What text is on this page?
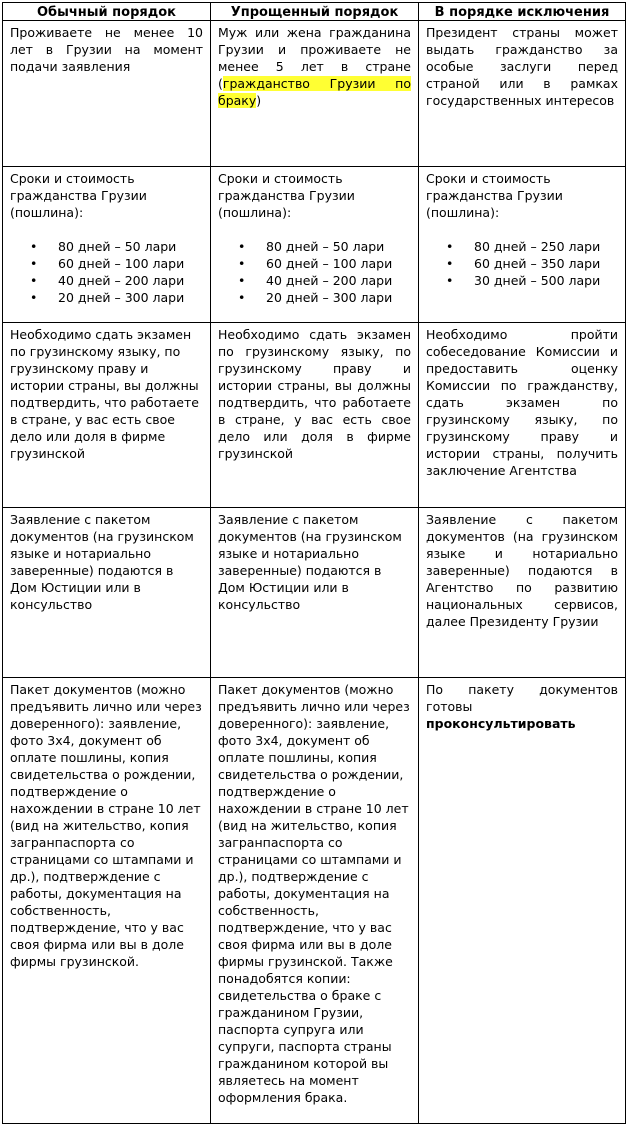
Обычный порядок	Упрощенный порядок	В порядке исключения
Проживаете не менее 10 лет в Грузии на момент подачи заявления
Муж или жена гражданина Грузии и проживаете не менее 5 лет в стране (гражданство Грузии по браку)
Президент страны может выдать гражданство за особые заслуги перед страной или в рамках государственных интересов
Сроки и стоимость гражданства Грузии (пошлина):
• 80 дней – 50 лари
• 60 дней – 100 лари
• 40 дней – 200 лари
• 20 дней – 300 лари
Сроки и стоимость гражданства Грузии (пошлина):
• 80 дней – 50 лари
• 60 дней – 100 лари
• 40 дней – 200 лари
• 20 дней – 300 лари
Сроки и стоимость гражданства Грузии (пошлина):
• 80 дней – 250 лари
• 60 дней – 350 лари
• 30 дней – 500 лари
Необходимо сдать экзамен по грузинскому языку, по грузинскому праву и истории страны, вы должны подтвердить, что работаете в стране, у вас есть свое дело или доля в фирме грузинской
Необходимо сдать экзамен по грузинскому языку, по грузинскому праву и истории страны, вы должны подтвердить, что работаете в стране, у вас есть свое дело или доля в фирме грузинской
Необходимо пройти собеседование Комиссии и предоставить оценку Комиссии по гражданству, сдать экзамен по грузинскому языку, по грузинскому праву и истории страны, получить заключение Агентства
Заявление с пакетом документов (на грузинском языке и нотариально заверенные) подаются в Дом Юстиции или в консульство
Заявление с пакетом документов (на грузинском языке и нотариально заверенные) подаются в Дом Юстиции или в консульство
Заявление с пакетом документов (на грузинском языке и нотариально заверенные) подаются в Агентство по развитию национальных сервисов, далее Президенту Грузии
Пакет документов (можно предъявить лично или через доверенного): заявление, фото 3х4, документ об оплате пошлины, копия свидетельства о рождении, подтверждение о нахождении в стране 10 лет (вид на жительство, копия загранпаспорта со страницами со штампами и др.), подтверждение с работы, документация на собственность, подтверждение, что у вас своя фирма или вы в доле фирмы грузинской.
Пакет документов (можно предъявить лично или через доверенного): заявление, фото 3х4, документ об оплате пошлины, копия свидетельства о рождении, подтверждение о нахождении в стране 10 лет (вид на жительство, копия загранпаспорта со страницами со штампами и др.), подтверждение с работы, документация на собственность, подтверждение, что у вас своя фирма или вы в доле фирмы грузинской. Также понадобятся копии: свидетельства о браке с гражданином Грузии, паспорта супруга или супруги, паспорта страны гражданином которой вы являетесь на момент оформления брака.
По пакету документов готовы проконсультировать
